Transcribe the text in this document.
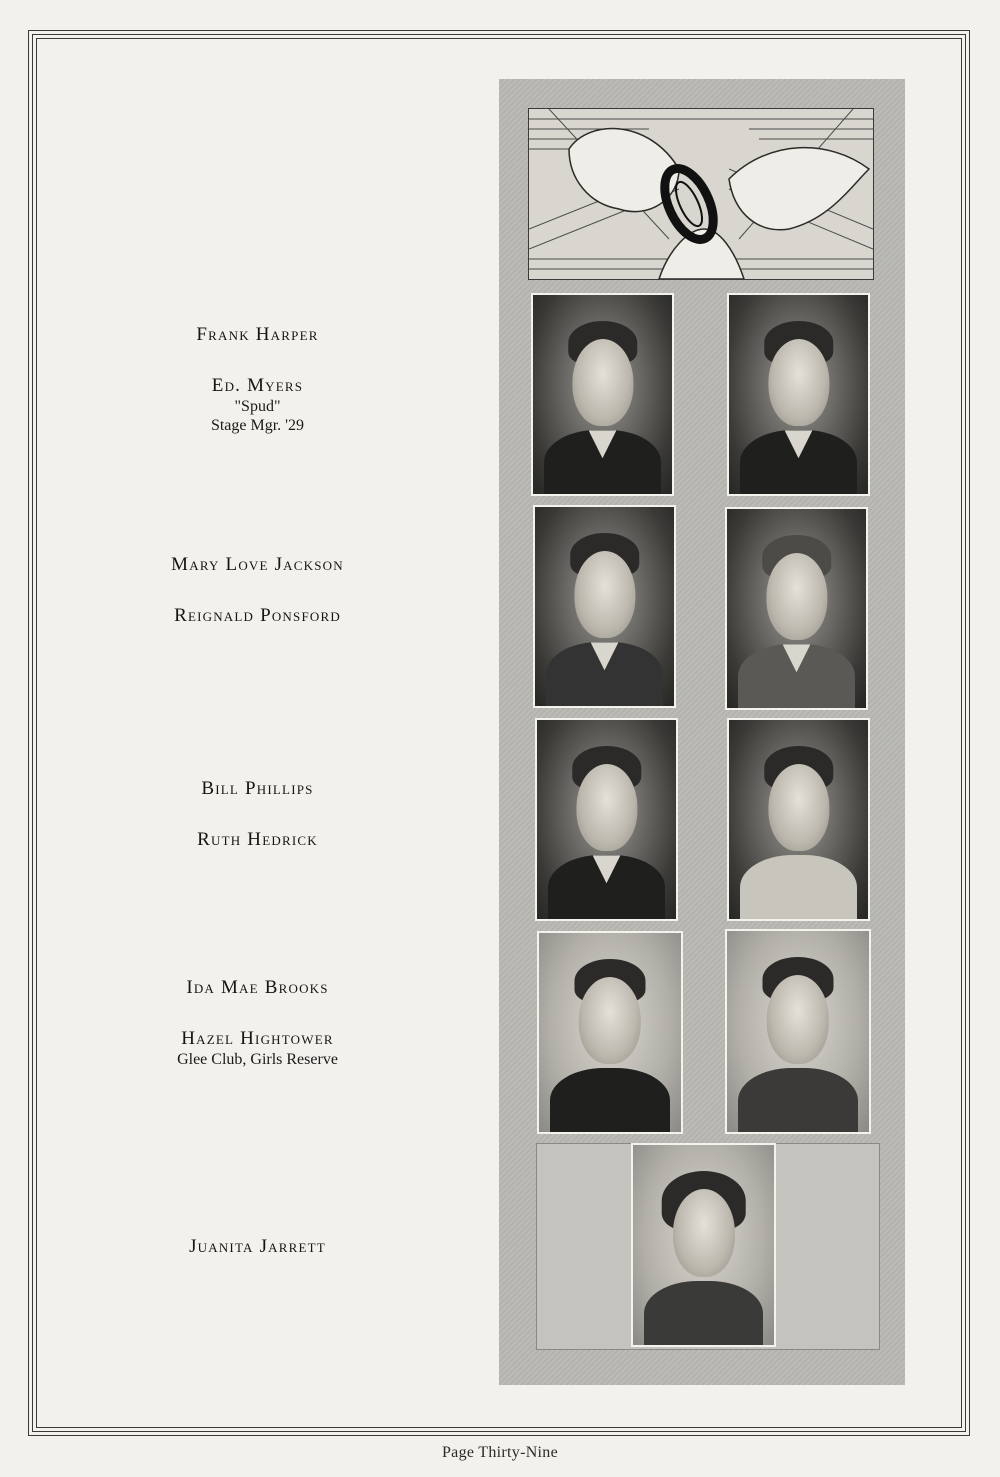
Frank Harper
Ed. Myers
"Spud"
Stage Mgr. '29
Mary Love Jackson
Reignald Ponsford
Bill Phillips
Ruth Hedrick
Ida Mae Brooks
Hazel Hightower
Glee Club, Girls Reserve
Juanita Jarrett
Page Thirty-Nine
